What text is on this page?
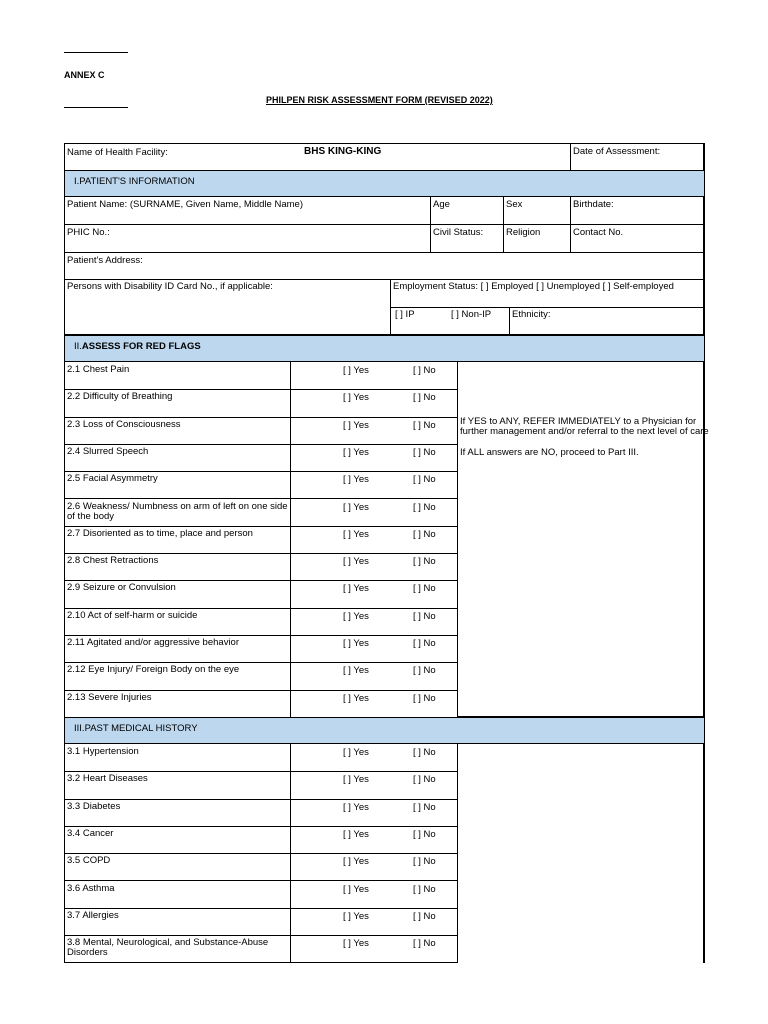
ANNEX C
PHILPEN RISK ASSESSMENT FORM (REVISED 2022)
Name of Health Facility:	BHS KING-KING	Date of Assessment:
I.
PATIENT'S INFORMATION
Patient Name: (SURNAME, Given Name, Middle Name)	Age	Sex	Birthdate:
PHIC No.:	Civil Status: Religion	Contact No.
Patient's Address:
Persons with Disability ID Card No., if applicable:	Employment Status: [ ] Employed [ ] Unemployed [ ] Self-employed
[ ] IP	[ ] Non-IP Ethnicity:
II.
ASSESS FOR RED FLAGS
2.1 Chest Pain	[ ] Yes	[ ] No
2.2 Difficulty of Breathing	[ ] Yes	[ ] No
2.3 Loss of Consciousness	[ ] Yes	[ ] No
2.4 Slurred Speech	[ ] Yes	[ ] No
2.5 Facial Asymmetry	[ ] Yes	[ ] No
2.6 Weakness/ Numbness on arm of left on one side of the body
[ ] Yes	[ ] No
2.7 Disoriented as to time, place and person	[ ] Yes	[ ] No
2.8 Chest Retractions	[ ] Yes	[ ] No
2.9 Seizure or Convulsion	[ ] Yes	[ ] No
2.10 Act of self-harm or suicide	[ ] Yes	[ ] No
2.11 Agitated and/or aggressive behavior	[ ] Yes	[ ] No
2.12 Eye Injury/ Foreign Body on the eye	[ ] Yes	[ ] No
2.13 Severe Injuries	[ ] Yes	[ ] No
If YES to ANY, REFER IMMEDIATELY to a Physician for
further management and/or referral to the next level of care
If ALL answers are NO, proceed to Part III.
III.
PAST MEDICAL HISTORY
3.1 Hypertension	[ ] Yes	[ ] No
3.2 Heart Diseases	[ ] Yes	[ ] No
3.3 Diabetes	[ ] Yes	[ ] No
3.4 Cancer	[ ] Yes	[ ] No
3.5 COPD	[ ] Yes	[ ] No
3.6 Asthma	[ ] Yes	[ ] No
3.7 Allergies	[ ] Yes	[ ] No
3.8 Mental, Neurological, and Substance-Abuse Disorders
[ ] Yes	[ ] No
